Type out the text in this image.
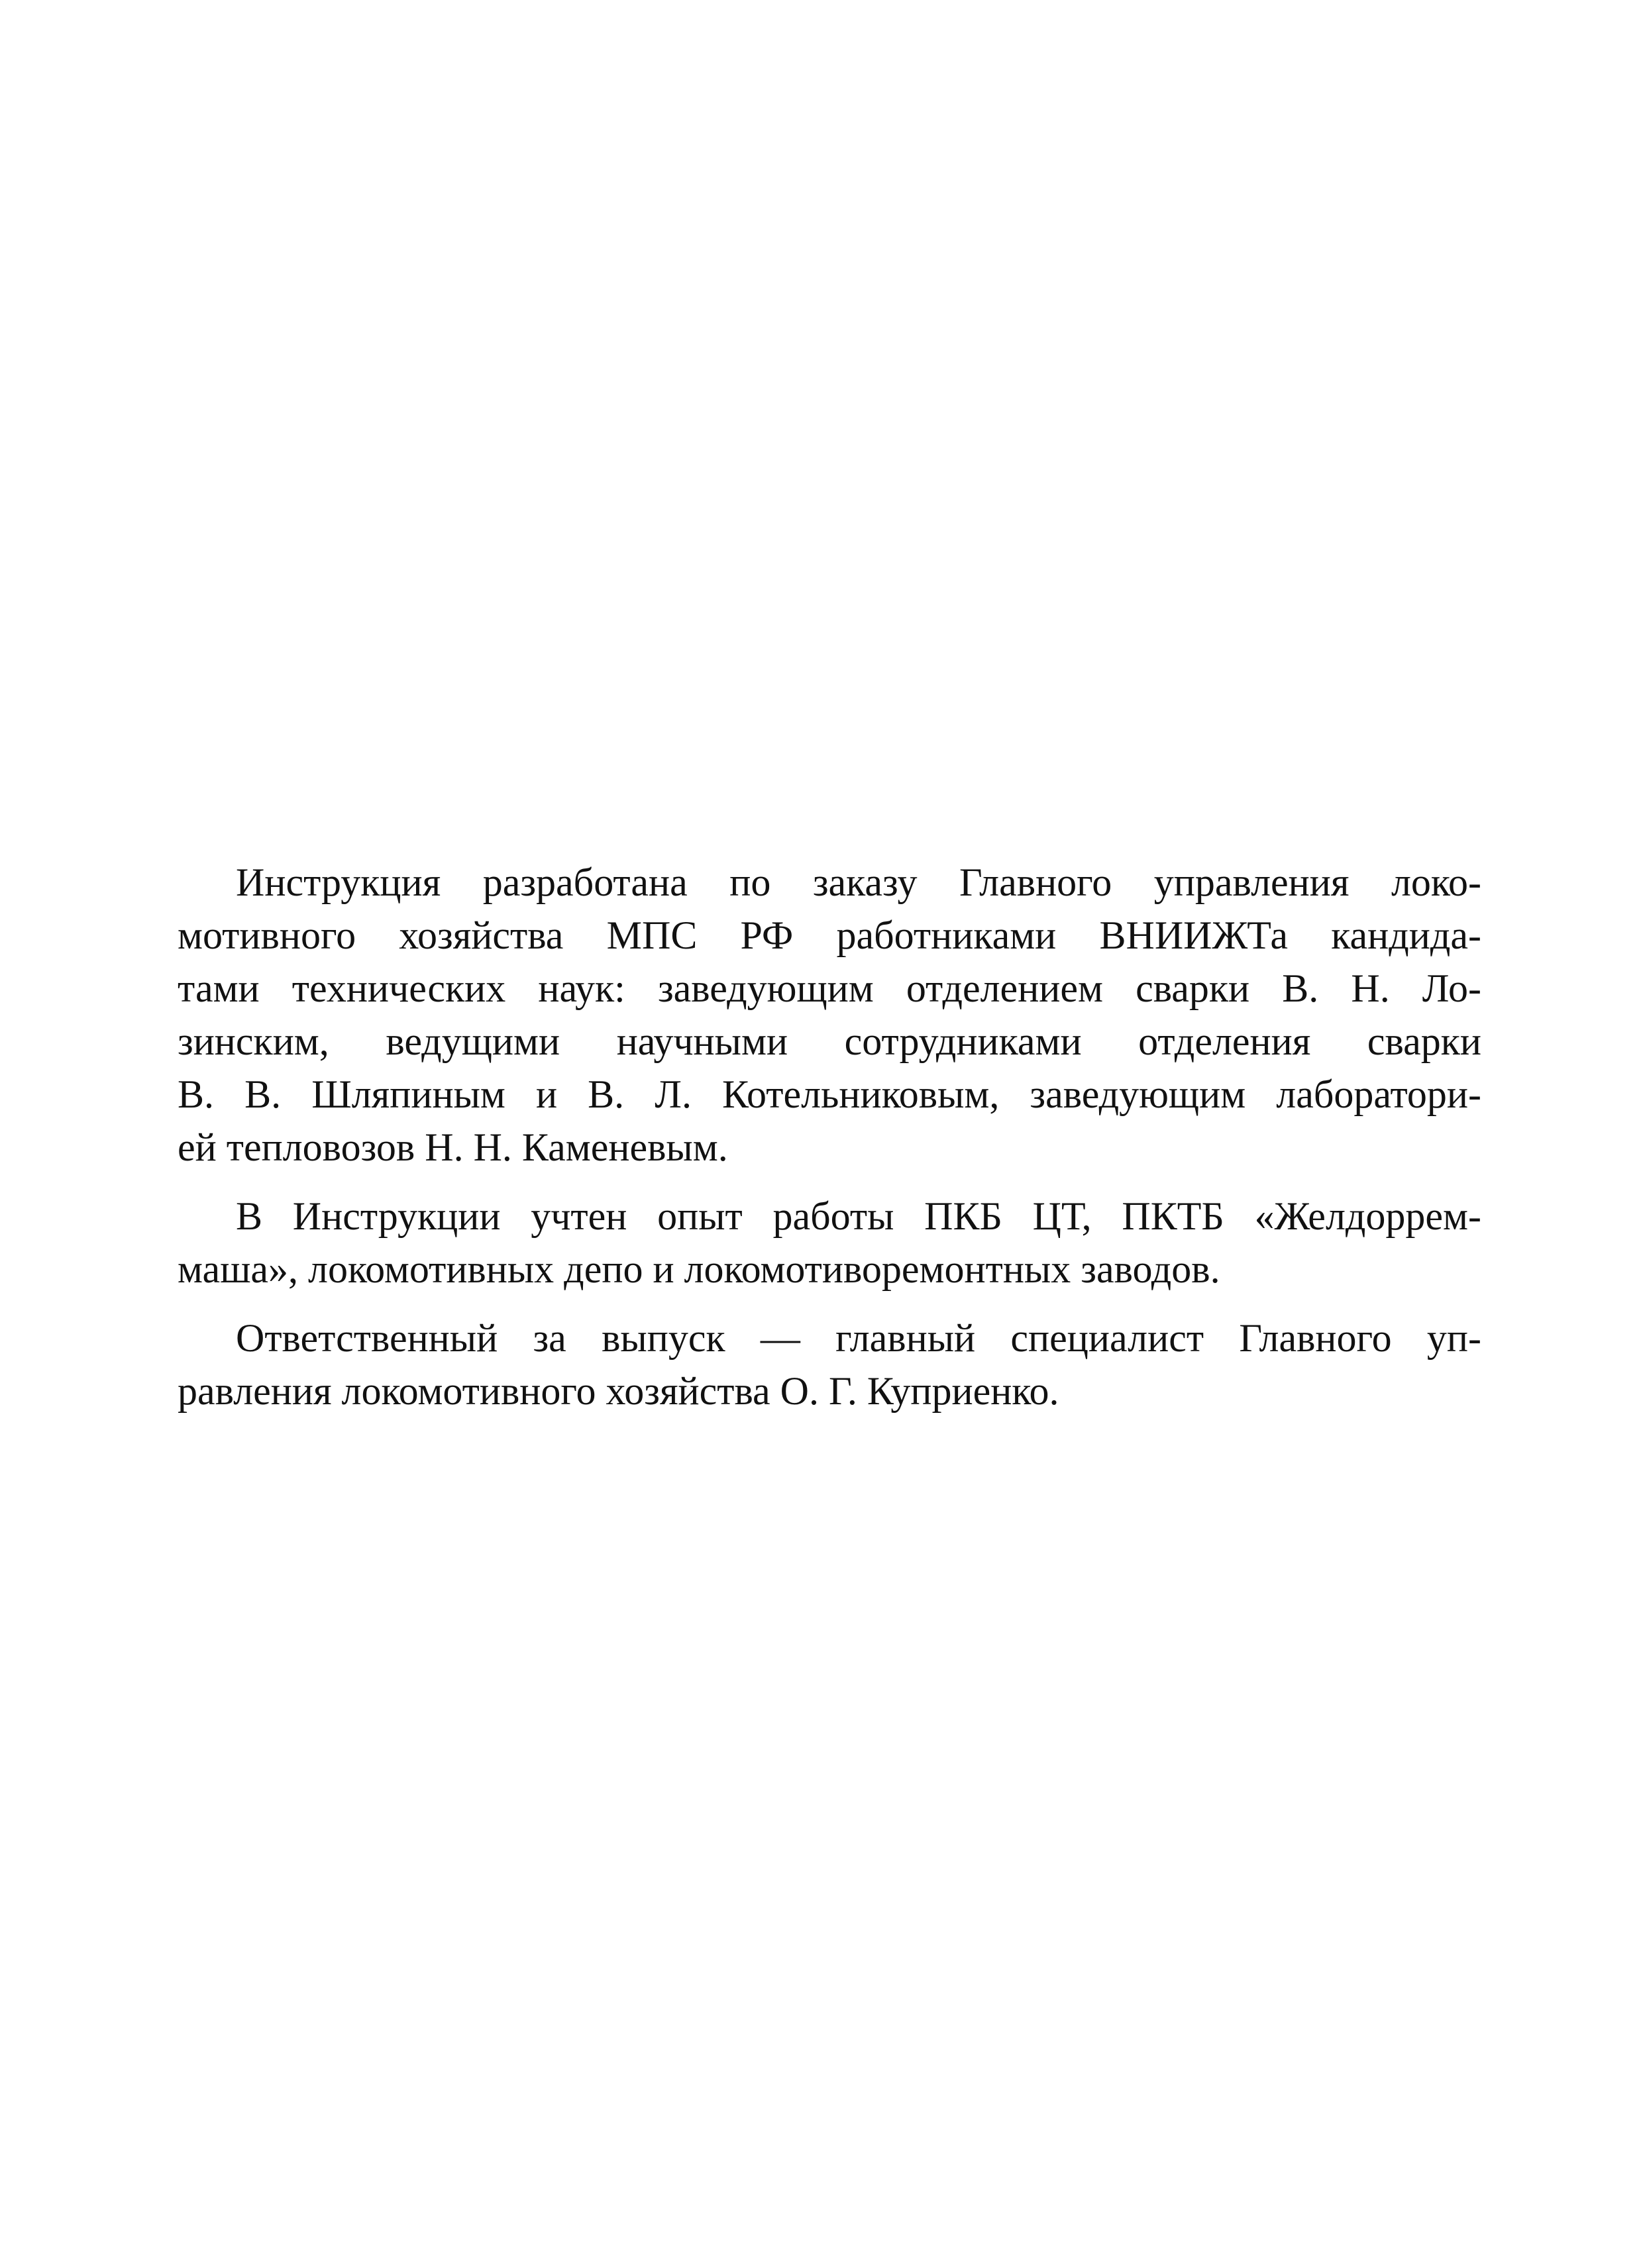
Инструкция разработана по заказу Главного управления локо-
мотивного хозяйства МПС РФ работниками ВНИИЖТа кандида-
тами технических наук: заведующим отделением сварки В. Н. Ло-
зинским, ведущими научными сотрудниками отделения сварки
В. В. Шляпиным и В. Л. Котельниковым, заведующим лаборатори-
ей тепловозов Н. Н. Каменевым.

В Инструкции учтен опыт работы ПКБ ЦТ, ПКТБ «Желдоррем-
маша», локомотивных депо и локомотиворемонтных заводов.

Ответственный за выпуск — главный специалист Главного уп-
равления локомотивного хозяйства О. Г. Куприенко.
